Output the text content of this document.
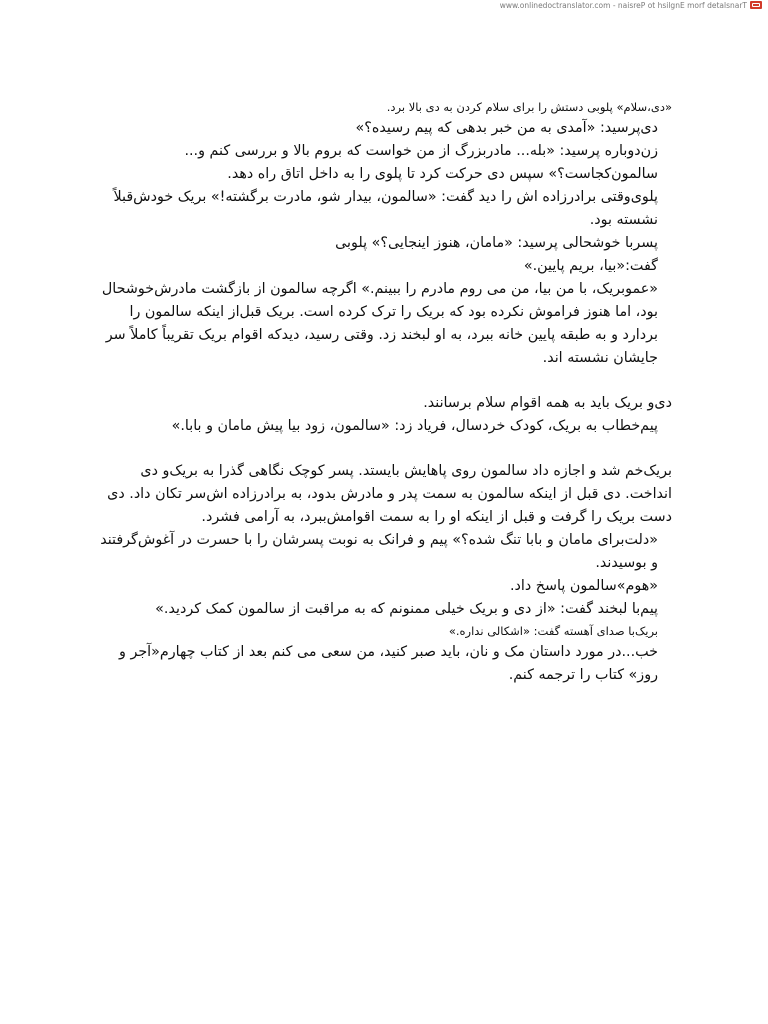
www.onlinedoctranslator.com - naisreP ot hsilgnE morf detalsnarT

«دی،سلام» پلوبی دستش را برای سلام کردن به دی بالا برد.

دی‌پرسید: «آمدی به من خبر بدهی که پیم رسیده؟»

زن‌دوباره پرسید: «بله... مادربزرگ از من خواست که بروم بالا و بررسی کنم و... سالمون‌کجاست؟» سپس دی حرکت کرد تا پلوی را به داخل اتاق راه دهد.

پلوی‌وقتی برادرزاده اش را دید گفت: «سالمون، بیدار شو، مادرت برگشته!» بریک خودش‌قبلاً نشسته بود.

پسربا خوشحالی پرسید: «مامان، هنوز اینجایی؟» پلوبی

گفت:«بیا، بریم پایین.»

«عموبریک، با من بیا، من می روم مادرم را ببینم.» اگرچه سالمون از بازگشت مادرش‌خوشحال بود، اما هنوز فراموش نکرده بود که بریک را ترک کرده است. بریک قبل‌از اینکه سالمون را بردارد و به طبقه پایین خانه ببرد، به او لبخند زد. وقتی رسید، دیدکه اقوام بریک تقریباً کاملاً سر جایشان نشسته اند.

دی‌و بریک باید به همه اقوام سلام برسانند.

پیم‌خطاب به بریک، کودک خردسال، فریاد زد: «سالمون، زود بیا پیش مامان و بابا.»

بریک‌خم شد و اجازه داد سالمون روی پاهایش بایستد. پسر کوچک نگاهی گذرا به بریک‌و دی انداخت. دی قبل از اینکه سالمون به سمت پدر و مادرش بدود، به برادرزاده اش‌سر تکان داد. دی دست بریک را گرفت و قبل از اینکه او را به سمت اقوامش‌ببرد، به آرامی فشرد.

«دلت‌برای مامان و بابا تنگ شده؟» پیم و فرانک به نوبت پسرشان را با حسرت در آغوش‌گرفتند و بوسیدند.

«هوم»سالمون پاسخ داد.

پیم‌با لبخند گفت: «از دی و بریک خیلی ممنونم که به مراقبت از سالمون کمک کردید.»

بریک‌با صدای آهسته گفت: «اشکالی نداره.»

خب...در مورد داستان مک و نان، باید صبر کنید، من سعی می کنم بعد از کتاب چهارم«آجر و روز» کتاب را ترجمه کنم.
